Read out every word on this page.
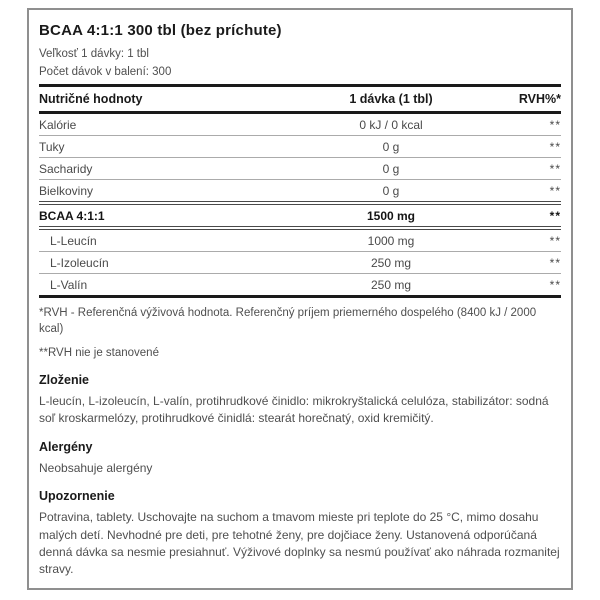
BCAA 4:1:1 300 tbl (bez príchute)
Veľkosť 1 dávky: 1 tbl
Počet dávok v balení: 300
Nutričné hodnoty	1 dávka (1 tbl)	RVH%*
Kalórie	0 kJ / 0 kcal	**
Tuky	0 g	**
Sacharidy	0 g	**
Bielkoviny	0 g	**
BCAA 4:1:1	1500 mg	**
L-Leucín	1000 mg	**
L-Izoleucín	250 mg	**
L-Valín	250 mg	**

*RVH - Referenčná výživová hodnota. Referenčný príjem priemerného dospelého (8400 kJ / 2000 kcal)

**RVH nie je stanovené

Zloženie

L-leucín, L-izoleucín, L-valín, protihrudkové činidlo: mikrokryštalická celulóza, stabilizátor: sodná soľ kroskarmelózy, protihrudkové činidlá: stearát horečnatý, oxid kremičitý.

Alergény

Neobsahuje alergény

Upozornenie

Potravina, tablety. Uschovajte na suchom a tmavom mieste pri teplote do 25 °C, mimo dosahu malých detí. Nevhodné pre deti, pre tehotné ženy, pre dojčiace ženy. Ustanovená odporúčaná denná dávka sa nesmie presiahnuť. Výživové doplnky sa nesmú používať ako náhrada rozmanitej stravy.
